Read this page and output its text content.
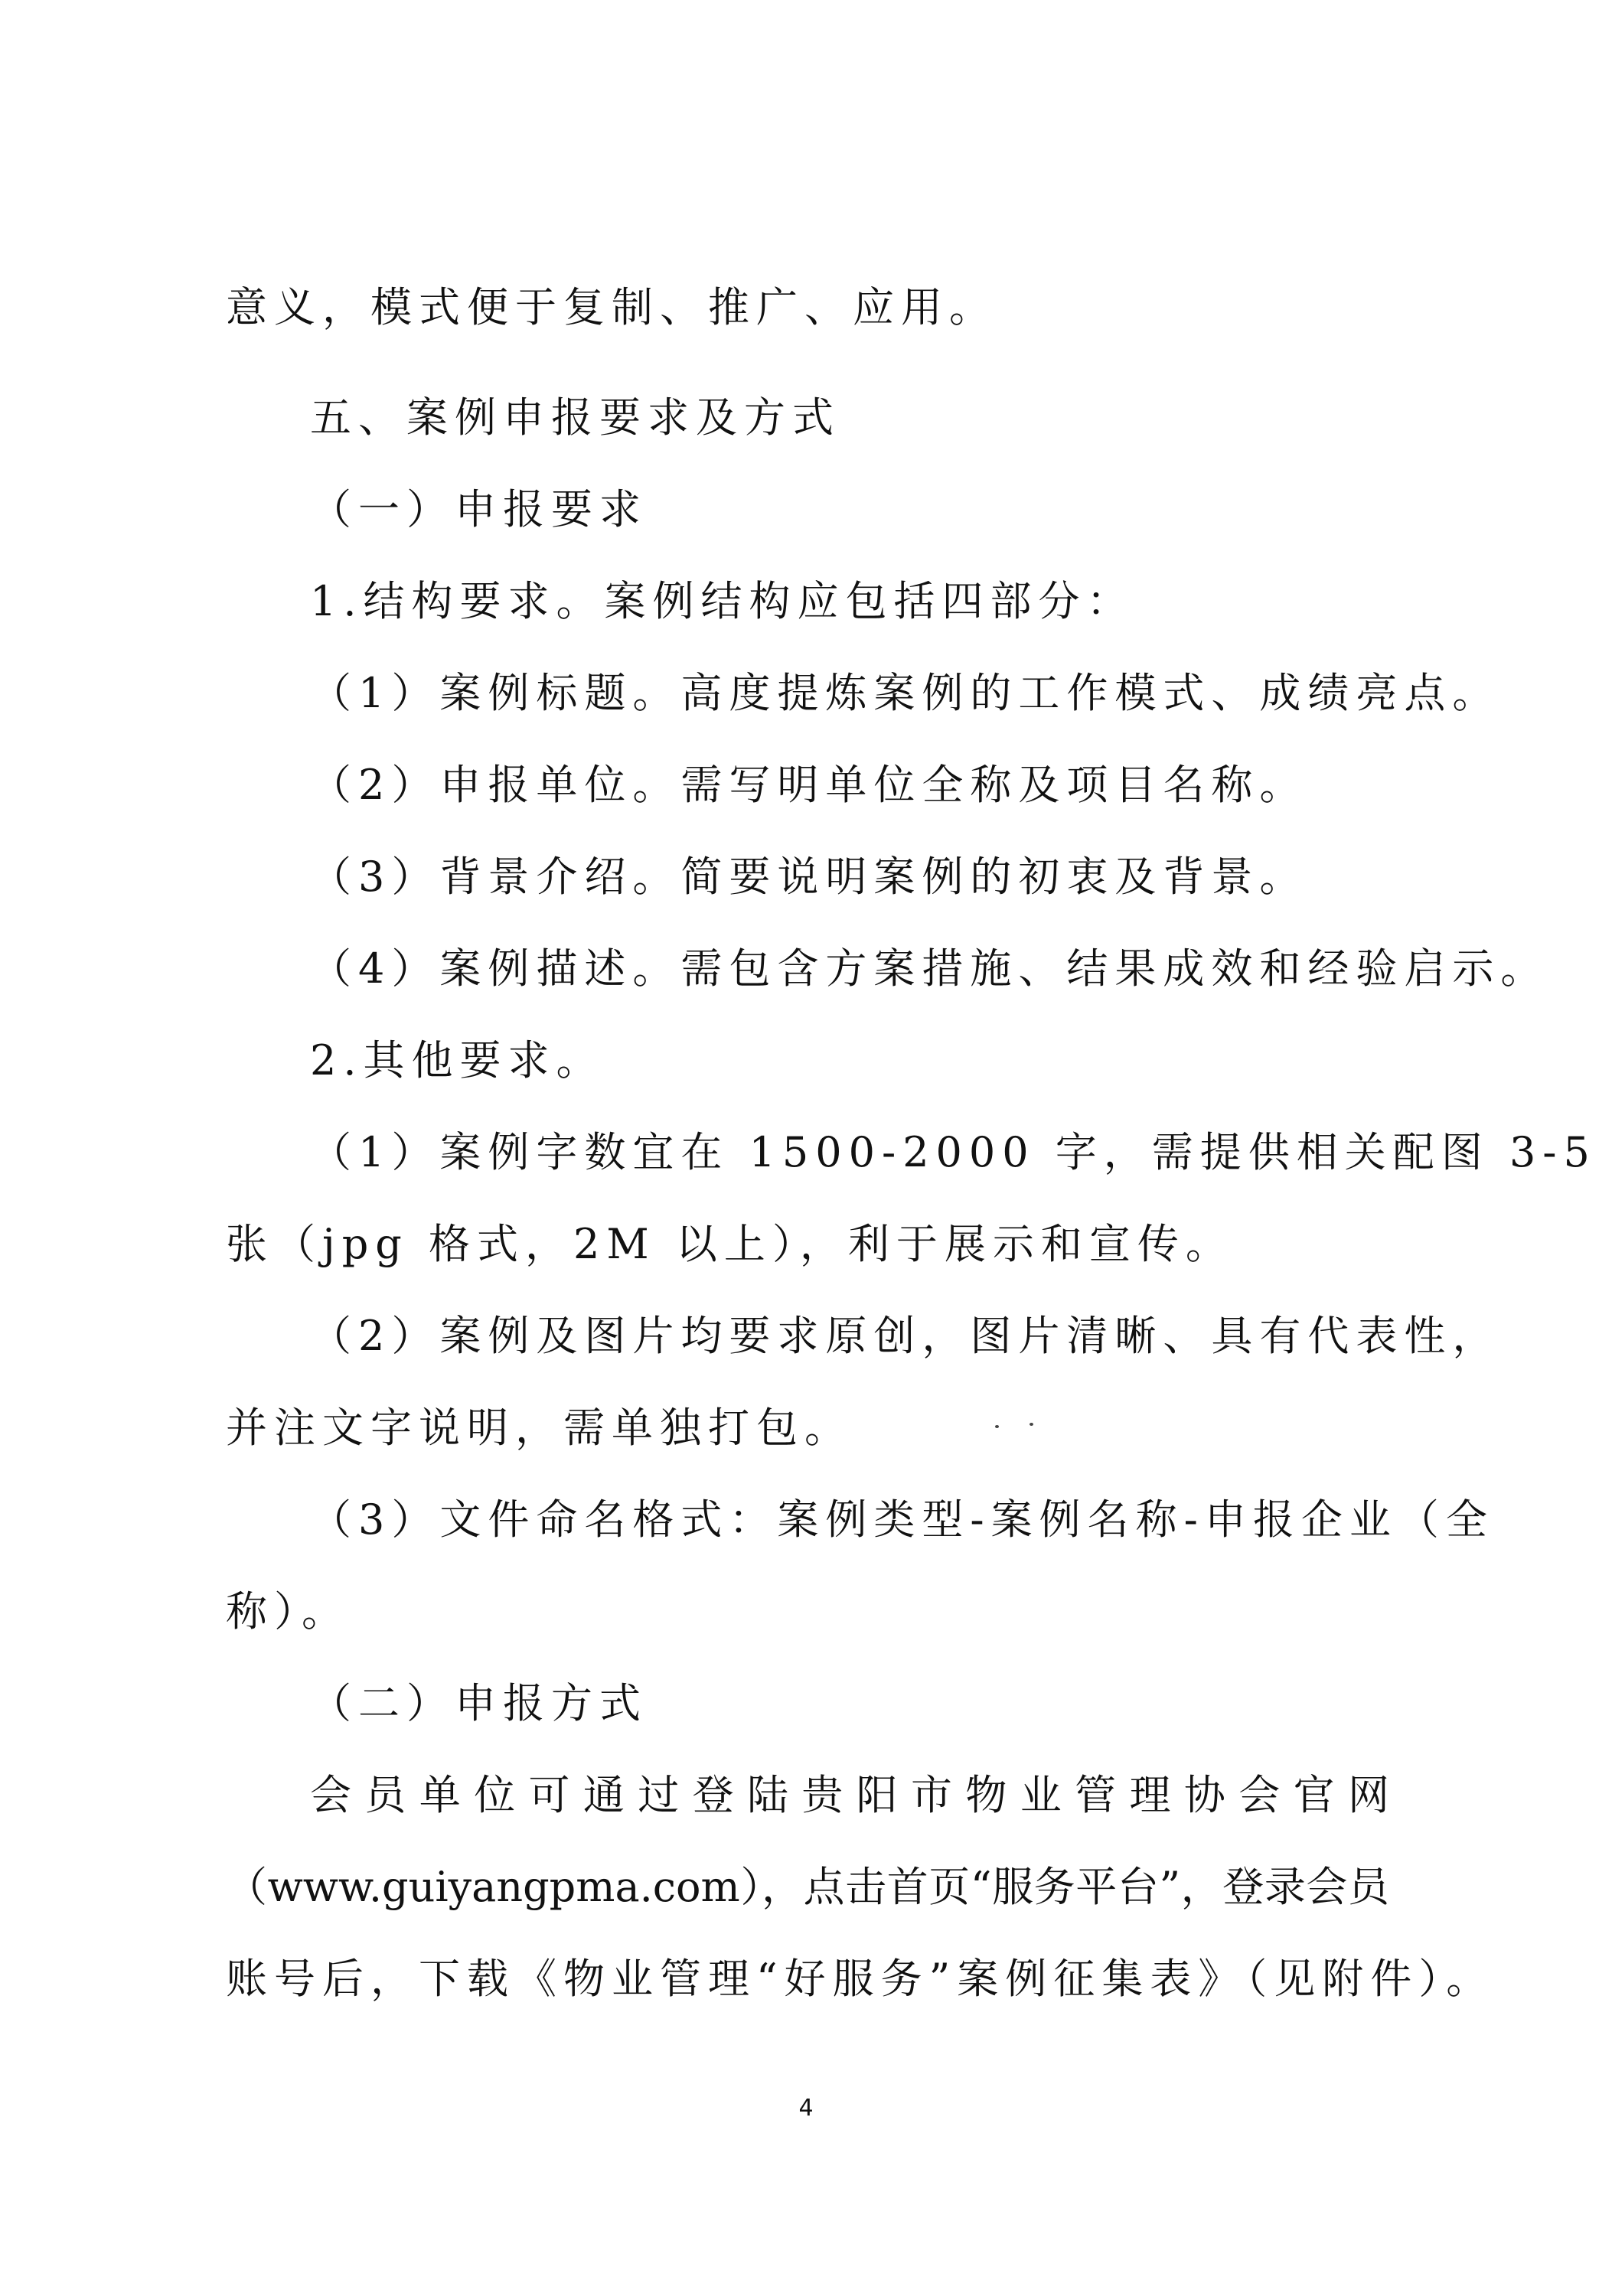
意义，模式便于复制、推广、应用。
五、案例申报要求及方式
（一）申报要求
1.结构要求。案例结构应包括四部分：
（1）案例标题。高度提炼案例的工作模式、成绩亮点。
（2）申报单位。需写明单位全称及项目名称。
（3）背景介绍。简要说明案例的初衷及背景。
（4）案例描述。需包含方案措施、结果成效和经验启示。
2.其他要求。
（1）案例字数宜在 1500-2000 字，需提供相关配图 3-5
张（jpg 格式，2M 以上），利于展示和宣传。
（2）案例及图片均要求原创，图片清晰、具有代表性，
并注文字说明，需单独打包。
（3）文件命名格式：案例类型-案例名称-申报企业（全
称）。
（二）申报方式
会员单位可通过登陆贵阳市物业管理协会官网
（www.guiyangpma.com），点击首页“服务平台”，登录会员
账号后，下载《物业管理“好服务”案例征集表》（见附件）。
4
